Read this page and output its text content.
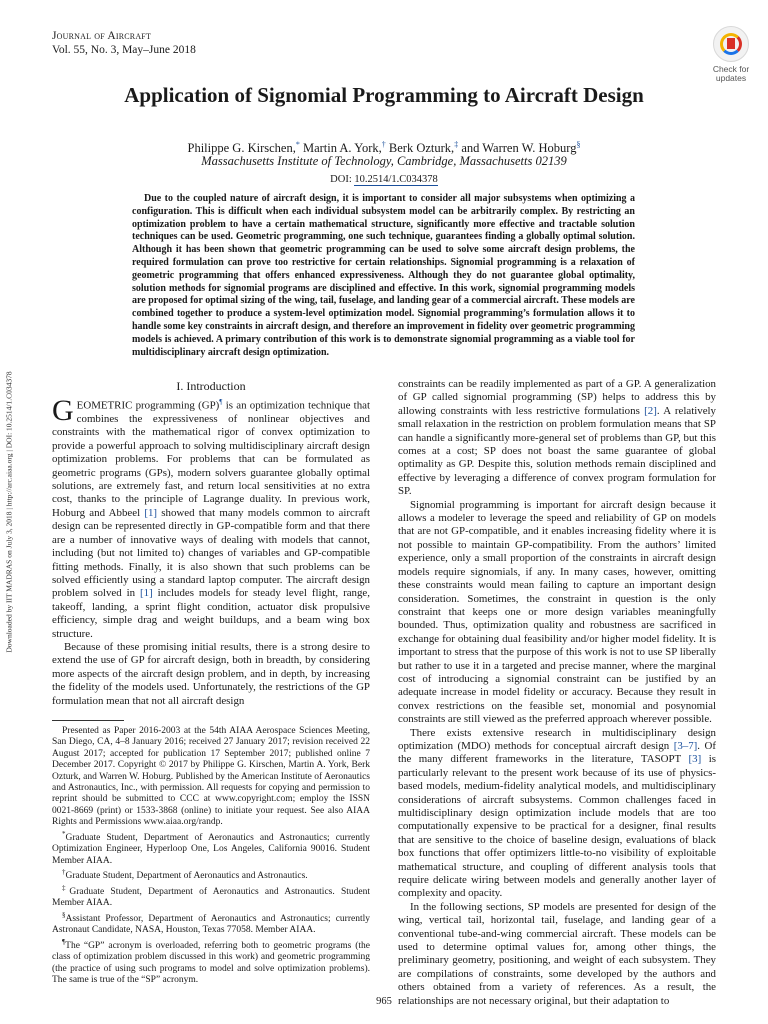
Journal of Aircraft
Vol. 55, No. 3, May–June 2018
Check for
updates
Application of Signomial Programming to Aircraft Design
Philippe G. Kirschen,* Martin A. York,† Berk Ozturk,‡ and Warren W. Hoburg§
Massachusetts Institute of Technology, Cambridge, Massachusetts 02139
DOI: 10.2514/1.C034378
Due to the coupled nature of aircraft design, it is important to consider all major subsystems when optimizing a configuration. This is difficult when each individual subsystem model can be arbitrarily complex. By restricting an optimization problem to have a certain mathematical structure, significantly more effective and tractable solution techniques can be used. Geometric programming, one such technique, guarantees finding a globally optimal solution. Although it has been shown that geometric programming can be used to solve some aircraft design problems, the required formulation can prove too restrictive for certain relationships. Signomial programming is a relaxation of geometric programming that offers enhanced expressiveness. Although they do not guarantee global optimality, solution methods for signomial programs are disciplined and effective. In this work, signomial programming models are proposed for optimal sizing of the wing, tail, fuselage, and landing gear of a commercial aircraft. These models are combined together to produce a system-level optimization model. Signomial programming’s formulation allows it to handle some key constraints in aircraft design, and therefore an improvement in fidelity over geometric programming models is achieved. A primary contribution of this work is to demonstrate signomial programming as a viable tool for multidisciplinary aircraft design optimization.
Downloaded by IIT MADRAS on July 3, 2018 | http://arc.aiaa.org | DOI: 10.2514/1.C034378	I. Introduction

GEOMETRIC programming (GP)¶ is an optimization technique that combines the expressiveness of nonlinear objectives and constraints with the mathematical rigor of convex optimization to provide a powerful approach to solving multidisciplinary aircraft design optimization problems. For problems that can be formulated as geometric programs (GPs), modern solvers guarantee globally optimal solutions, are extremely fast, and return local sensitivities at no extra cost, thanks to the principle of Lagrange duality. In previous work, Hoburg and Abbeel [1] showed that many models common to aircraft design can be represented directly in GP-compatible form and that there are a number of innovative ways of dealing with models that cannot, including (but not limited to) changes of variables and GP-compatible fitting methods. Finally, it is also shown that such problems can be solved efficiently using a standard laptop computer. The aircraft design problem solved in [1] includes models for steady level flight, range, takeoff, landing, a sprint flight condition, actuator disk propulsive efficiency, simple drag and weight buildups, and a beam wing box structure.

Because of these promising initial results, there is a strong desire to extend the use of GP for aircraft design, both in breadth, by considering more aspects of the aircraft design problem, and in depth, by increasing the fidelity of the models used. Unfortunately, the restrictions of the GP formulation mean that not all aircraft design

Presented as Paper 2016-2003 at the 54th AIAA Aerospace Sciences Meeting, San Diego, CA, 4–8 January 2016; received 27 January 2017; revision received 22 August 2017; accepted for publication 17 September 2017; published online 7 December 2017. Copyright © 2017 by Philippe G. Kirschen, Martin A. York, Berk Ozturk, and Warren W. Hoburg. Published by the American Institute of Aeronautics and Astronautics, Inc., with permission. All requests for copying and permission to reprint should be submitted to CCC at www.copyright.com; employ the ISSN 0021-8669 (print) or 1533-3868 (online) to initiate your request. See also AIAA Rights and Permissions www.aiaa.org/randp.

*Graduate Student, Department of Aeronautics and Astronautics; currently Optimization Engineer, Hyperloop One, Los Angeles, California 90016. Student Member AIAA.

†Graduate Student, Department of Aeronautics and Astronautics.

‡Graduate Student, Department of Aeronautics and Astronautics. Student Member AIAA.

§Assistant Professor, Department of Aeronautics and Astronautics; currently Astronaut Candidate, NASA, Houston, Texas 77058. Member AIAA.

¶The “GP” acronym is overloaded, referring both to geometric programs (the class of optimization problem discussed in this work) and geometric programming (the practice of using such programs to model and solve optimization problems). The same is true of the “SP” acronym.

constraints can be readily implemented as part of a GP. A generalization of GP called signomial programming (SP) helps to address this by allowing constraints with less restrictive formulations [2]. A relatively small relaxation in the restriction on problem formulation means that SP can handle a significantly more-general set of problems than GP, but this comes at a cost; SP does not boast the same guarantee of global optimality as GP. Despite this, solution methods remain disciplined and effective by leveraging a difference of convex program formulation for SP.

Signomial programming is important for aircraft design because it allows a modeler to leverage the speed and reliability of GP on models that are not GP-compatible, and it enables increasing fidelity where it is not possible to maintain GP-compatibility. From the authors’ limited experience, only a small proportion of the constraints in aircraft design models require signomials, if any. In many cases, however, omitting these constraints would mean failing to capture an important design consideration. Sometimes, the constraint in question is the only constraint that keeps one or more design variables meaningfully bounded. Thus, optimization quality and robustness are sacrificed in exchange for obtaining dual feasibility and/or higher model fidelity. It is important to stress that the purpose of this work is not to use SP liberally but rather to use it in a targeted and precise manner, where the marginal cost of introducing a signomial constraint can be justified by an adequate increase in model fidelity or accuracy. Because they result in convex restrictions on the feasible set, monomial and posynomial constraints are still viewed as the preferred approach wherever possible.

There exists extensive research in multidisciplinary design optimization (MDO) methods for conceptual aircraft design [3–7]. Of the many different frameworks in the literature, TASOPT [3] is particularly relevant to the present work because of its use of physics-based models, medium-fidelity analytical models, and multidisciplinary considerations of aircraft subsystems. Common challenges faced in multidisciplinary design optimization include models that are too computationally expensive to be practical for a designer, final results that are sensitive to the choice of baseline design, evaluations of black box functions that offer optimizers little-to-no visibility of exploitable mathematical structure, and coupling of different analysis tools that require delicate wiring between models and generally another layer of complexity and opacity.

In the following sections, SP models are presented for design of the wing, vertical tail, horizontal tail, fuselage, and landing gear of a conventional tube-and-wing commercial aircraft. These models can be used to determine optimal values for, among other things, the preliminary geometry, positioning, and weight of each subsystem. They are compilations of constraints, some developed by the authors and others obtained from a variety of references. As a result, the relationships are not necessary original, but their adaptation to

965
